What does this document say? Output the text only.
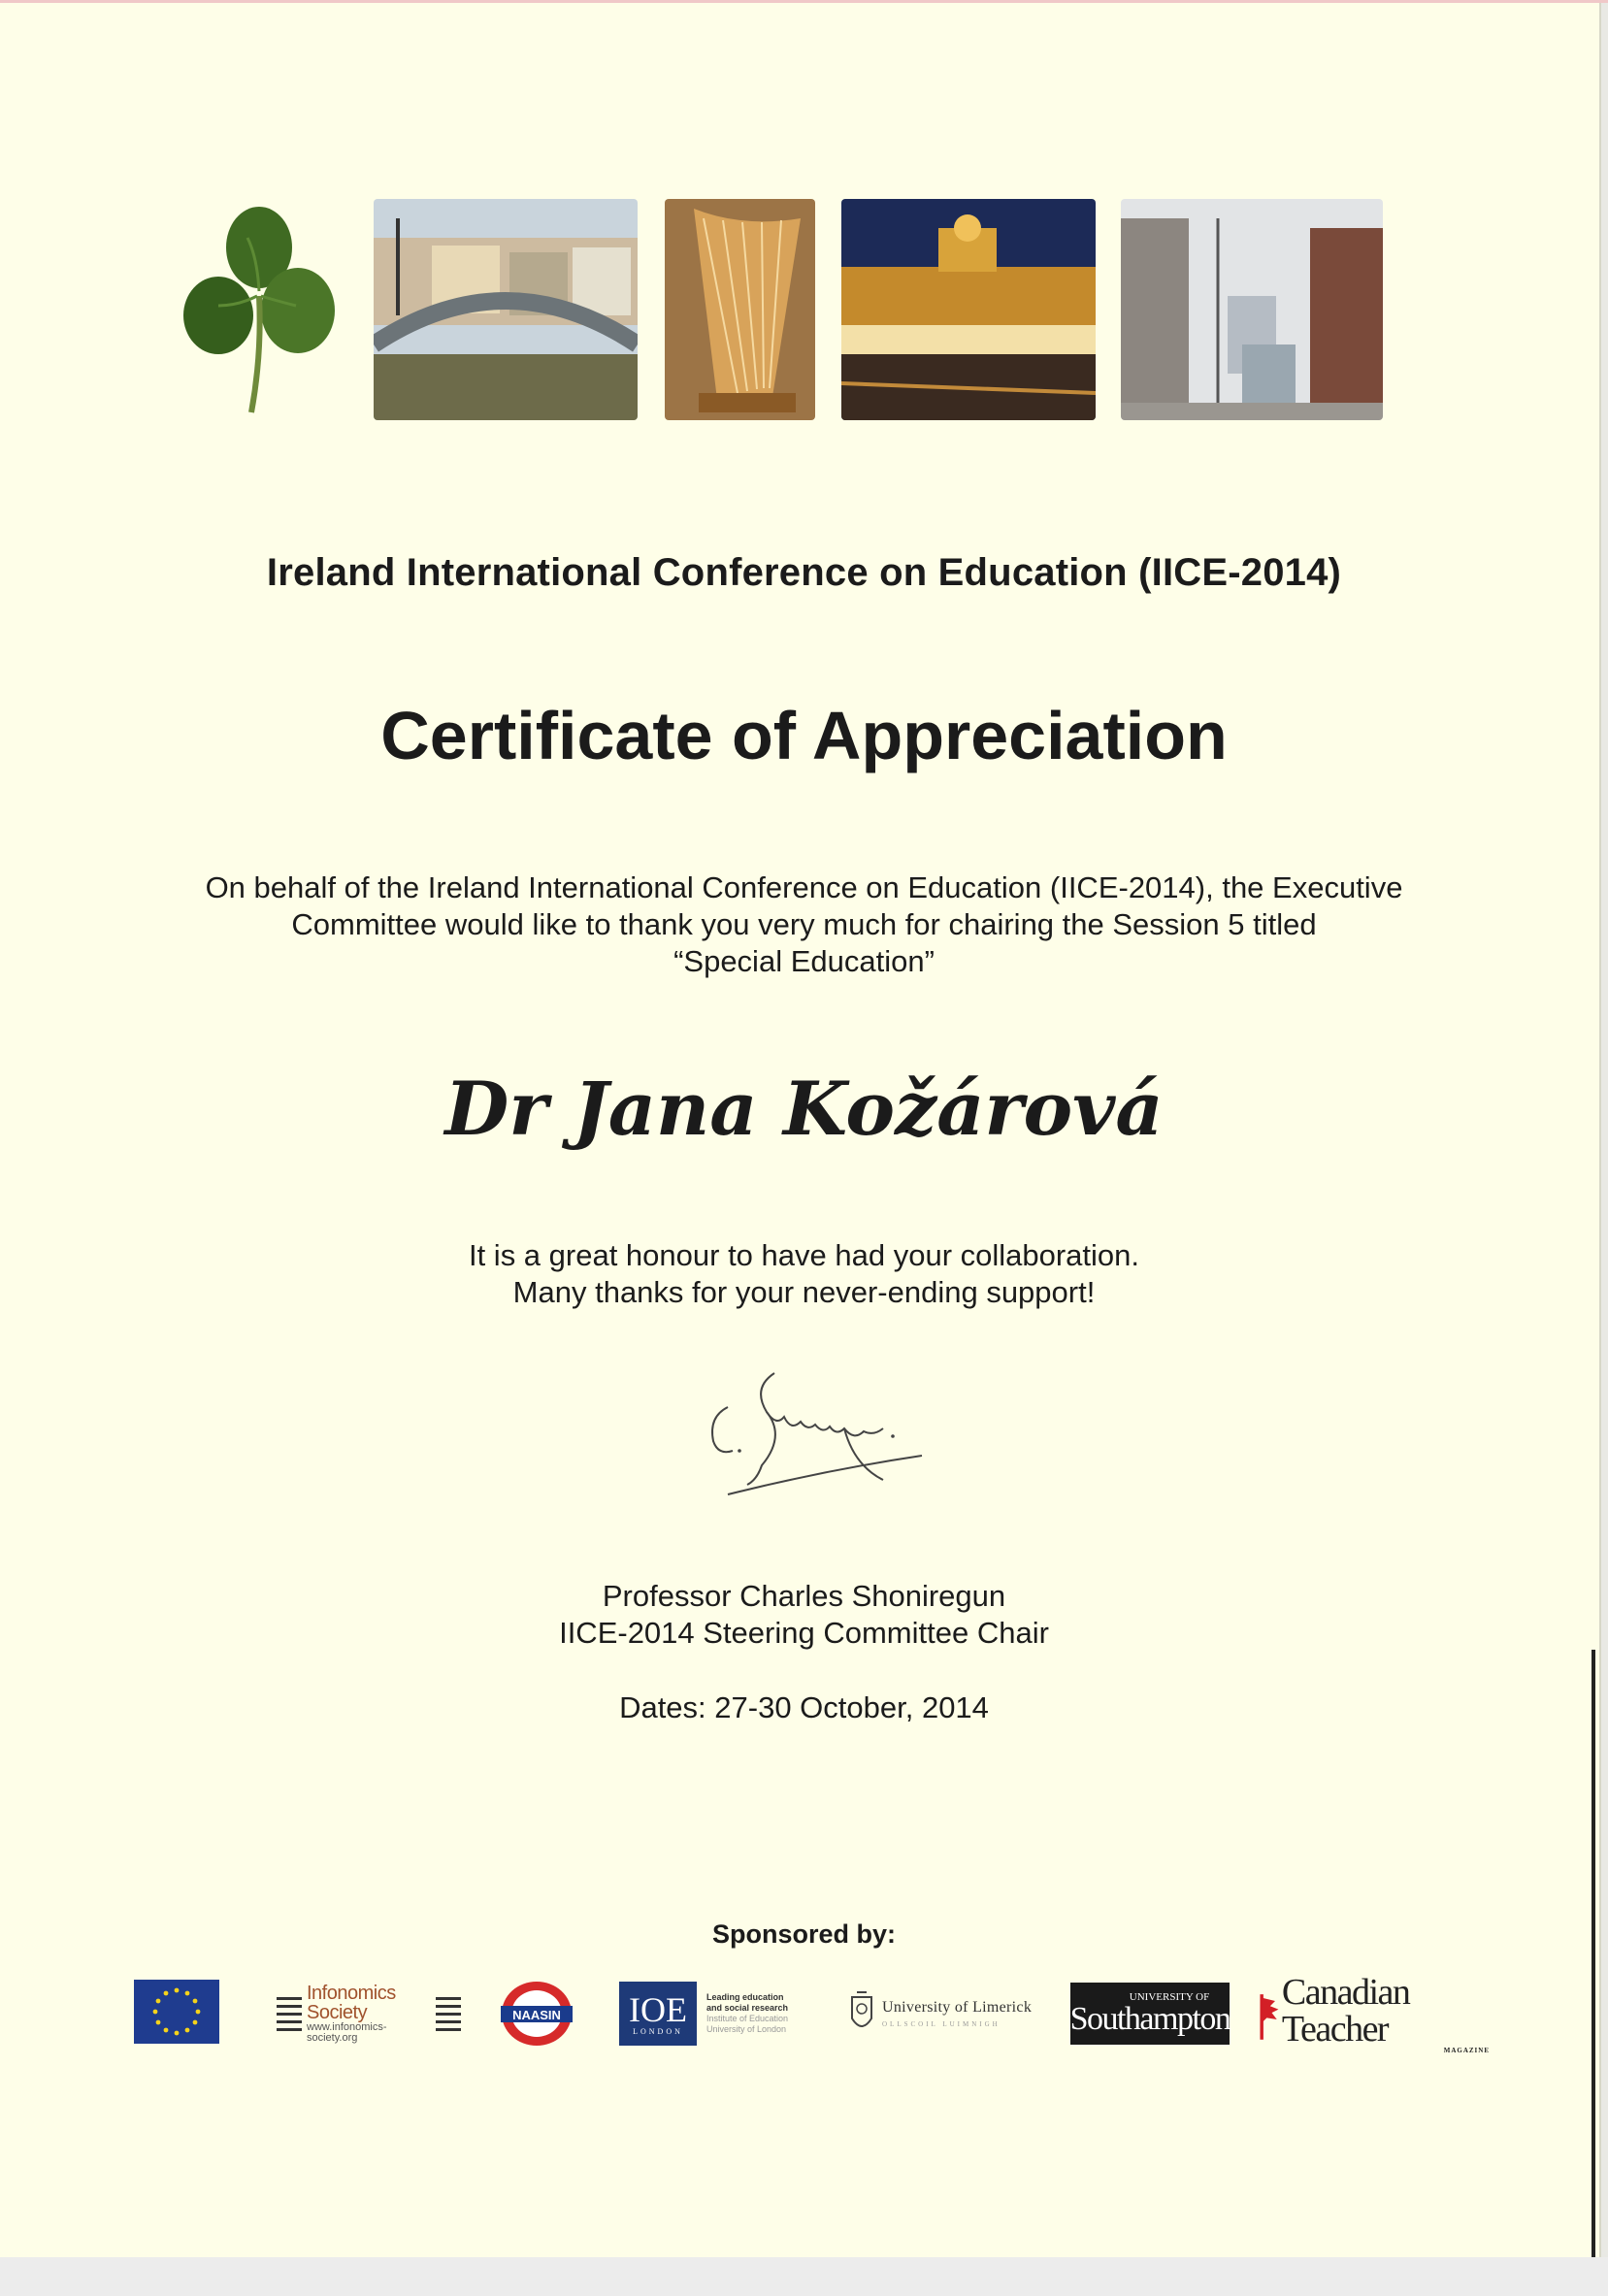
Ireland International Conference on Education (IICE-2014)
Certificate of Appreciation
On behalf of the Ireland International Conference on Education (IICE-2014), the Executive
Committee would like to thank you very much for chairing the Session 5 titled
“Special Education”
Dr Jana Kožárová
It is a great honour to have had your collaboration.
Many thanks for your never-ending support!
Professor Charles Shoniregun
IICE-2014 Steering Committee Chair
Dates: 27-30 October, 2014
Sponsored by:
Infonomics Society
www.infonomics-society.org
NAASIN IOE
LONDON
Leading education
and social research
Institute of Education
University of London
University of Limerick
OLLSCOIL LUIMNIGH
UNIVERSITY OF
Southampton
Canadian Teacher
MAGAZINE
